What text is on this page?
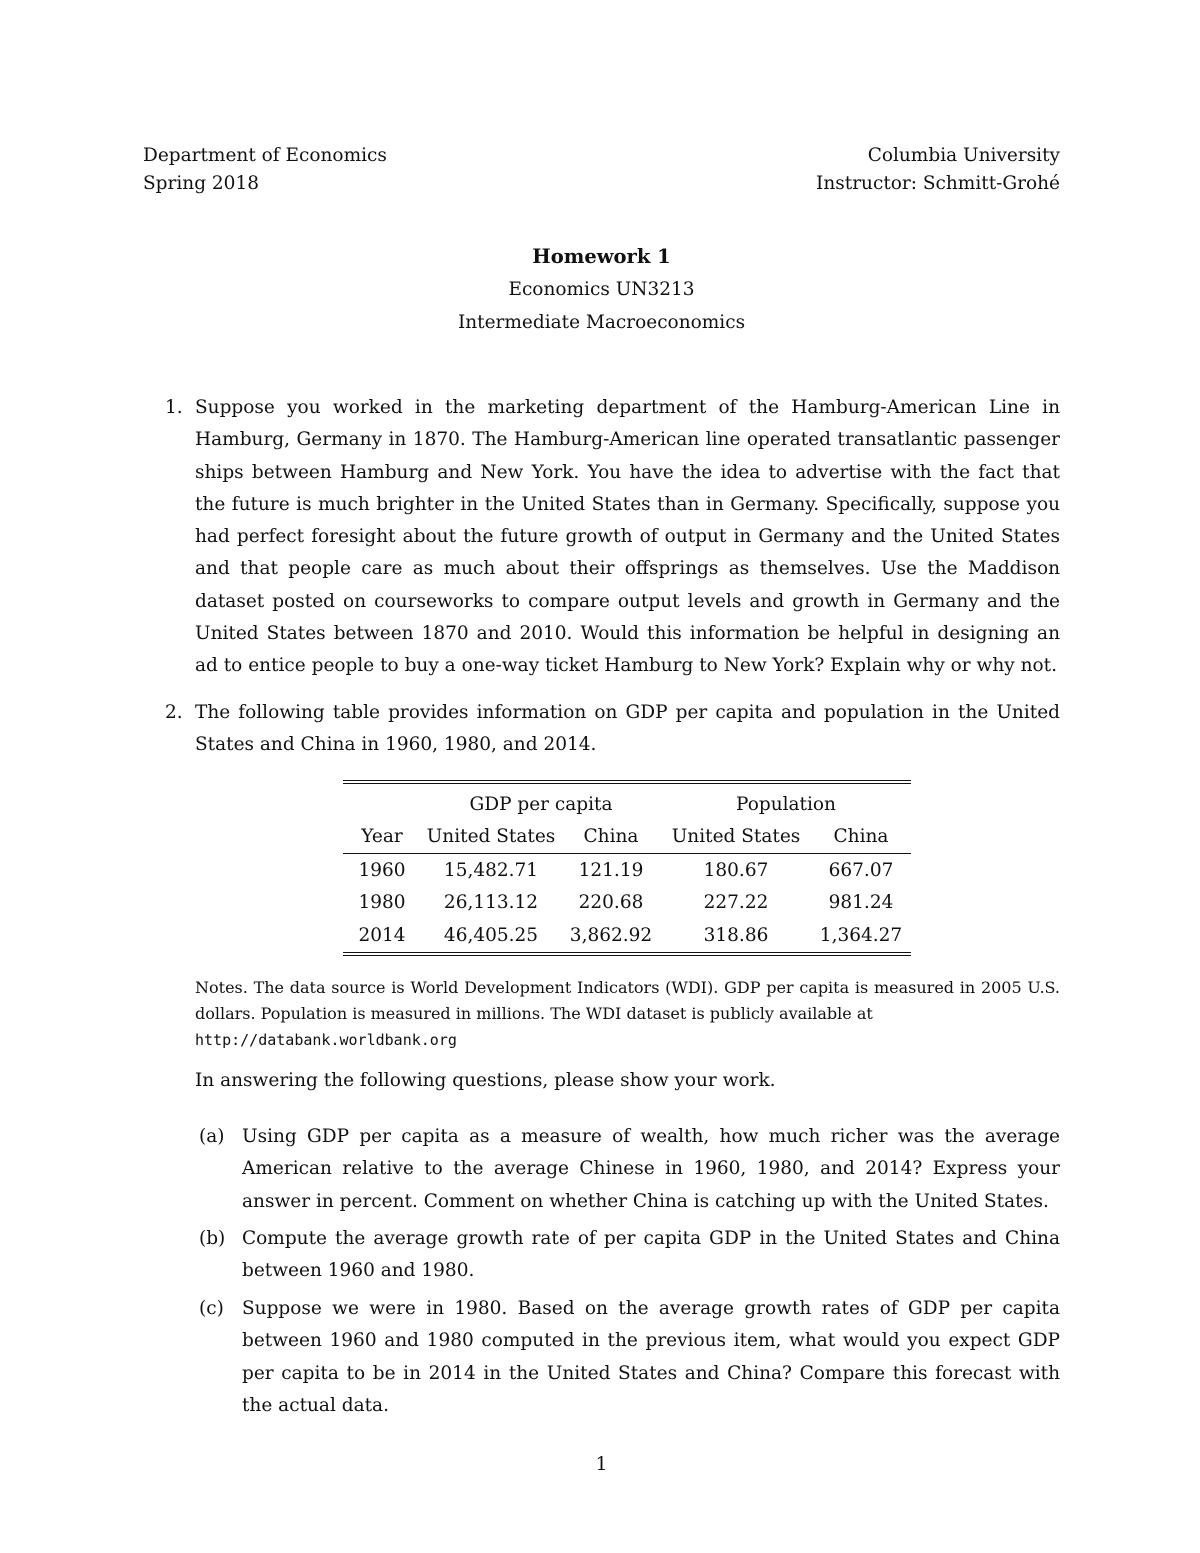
Department of Economics	Columbia University
Spring 2018	Instructor: Schmitt-Grohé
Homework 1
Economics UN3213
Intermediate Macroeconomics
1. Suppose you worked in the marketing department of the Hamburg-American Line in Hamburg, Germany in 1870. The Hamburg-American line operated transatlantic passenger ships between Hamburg and New York. You have the idea to advertise with the fact that the future is much brighter in the United States than in Germany. Specifically, suppose you had perfect foresight about the future growth of output in Germany and the United States and that people care as much about their offsprings as themselves. Use the Maddison dataset posted on courseworks to compare output levels and growth in Germany and the United States between 1870 and 2010. Would this information be helpful in designing an ad to entice people to buy a one-way ticket Hamburg to New York? Explain why or why not.
2. The following table provides information on GDP per capita and population in the United States and China in 1960, 1980, and 2014.
	GDP per capita		Population	
Year	United States	China	United States	China
1960	15,482.71	121.19	180.67	667.07
1980	26,113.12	220.68	227.22	981.24
2014	46,405.25	3,862.92	318.86	1,364.27
Notes. The data source is World Development Indicators (WDI). GDP per capita is measured in 2005 U.S. dollars. Population is measured in millions. The WDI dataset is publicly available at
http://databank.worldbank.org
In answering the following questions, please show your work.
(a) Using GDP per capita as a measure of wealth, how much richer was the average American relative to the average Chinese in 1960, 1980, and 2014? Express your answer in percent. Comment on whether China is catching up with the United States.
(b) Compute the average growth rate of per capita GDP in the United States and China between 1960 and 1980.
(c) Suppose we were in 1980. Based on the average growth rates of GDP per capita between 1960 and 1980 computed in the previous item, what would you expect GDP per capita to be in 2014 in the United States and China? Compare this forecast with the actual data.
1
